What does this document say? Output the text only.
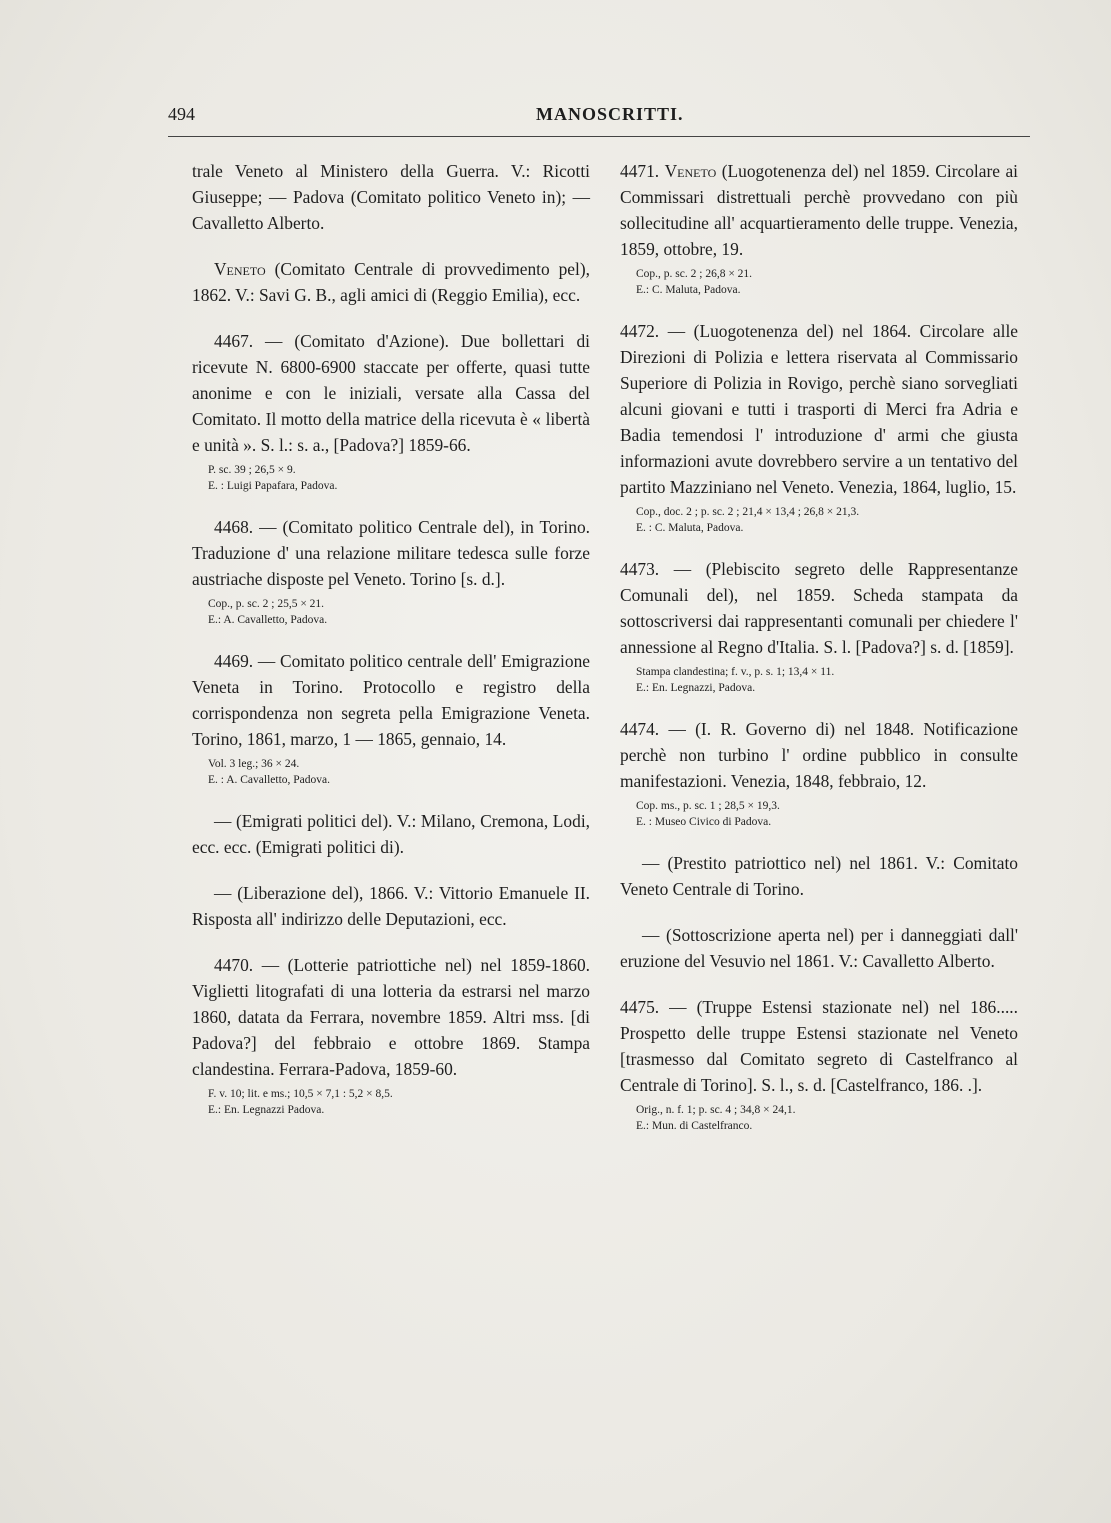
494	MANOSCRITTI.

trale Veneto al Ministero della Guerra. V.: Ricotti Giuseppe; — Padova (Comitato politico Veneto in); — Cavalletto Alberto.

Veneto (Comitato Centrale di provvedimento pel), 1862. V.: Savi G. B., agli amici di (Reggio Emilia), ecc.

4467. — (Comitato d'Azione). Due bollettari di ricevute N. 6800-6900 staccate per offerte, quasi tutte anonime e con le iniziali, versate alla Cassa del Comitato. Il motto della matrice della ricevuta è « libertà e unità ». S. l.: s. a., [Padova?] 1859-66.

P. sc. 39 ; 26,5 × 9.
E. : Luigi Papafara, Padova.

4468. — (Comitato politico Centrale del), in Torino. Traduzione d' una relazione militare tedesca sulle forze austriache disposte pel Veneto. Torino [s. d.].

Cop., p. sc. 2 ; 25,5 × 21.
E.: A. Cavalletto, Padova.

4469. — Comitato politico centrale dell' Emigrazione Veneta in Torino. Protocollo e registro della corrispondenza non segreta pella Emigrazione Veneta. Torino, 1861, marzo, 1 — 1865, gennaio, 14.

Vol. 3 leg.; 36 × 24.
E. : A. Cavalletto, Padova.

— (Emigrati politici del). V.: Milano, Cremona, Lodi, ecc. ecc. (Emigrati politici di).

— (Liberazione del), 1866. V.: Vittorio Emanuele II. Risposta all' indirizzo delle Deputazioni, ecc.

4470. — (Lotterie patriottiche nel) nel 1859-1860. Viglietti litografati di una lotteria da estrarsi nel marzo 1860, datata da Ferrara, novembre 1859. Altri mss. [di Padova?] del febbraio e ottobre 1869. Stampa clandestina. Ferrara-Padova, 1859-60.

F. v. 10; lit. e ms.; 10,5 × 7,1 : 5,2 × 8,5.
E.: En. Legnazzi Padova.

4471. Veneto (Luogotenenza del) nel 1859. Circolare ai Commissari distrettuali perchè provvedano con più sollecitudine all' acquartieramento delle truppe. Venezia, 1859, ottobre, 19.

Cop., p. sc. 2 ; 26,8 × 21.
E.: C. Maluta, Padova.

4472. — (Luogotenenza del) nel 1864. Circolare alle Direzioni di Polizia e lettera riservata al Commissario Superiore di Polizia in Rovigo, perchè siano sorvegliati alcuni giovani e tutti i trasporti di Merci fra Adria e Badia temendosi l' introduzione d' armi che giusta informazioni avute dovrebbero servire a un tentativo del partito Mazziniano nel Veneto. Venezia, 1864, luglio, 15.

Cop., doc. 2 ; p. sc. 2 ; 21,4 × 13,4 ; 26,8 × 21,3.
E. : C. Maluta, Padova.

4473. — (Plebiscito segreto delle Rappresentanze Comunali del), nel 1859. Scheda stampata da sottoscriversi dai rappresentanti comunali per chiedere l' annessione al Regno d'Italia. S. l. [Padova?] s. d. [1859].

Stampa clandestina; f. v., p. s. 1; 13,4 × 11.
E.: En. Legnazzi, Padova.

4474. — (I. R. Governo di) nel 1848. Notificazione perchè non turbino l' ordine pubblico in consulte manifestazioni. Venezia, 1848, febbraio, 12.

Cop. ms., p. sc. 1 ; 28,5 × 19,3.
E. : Museo Civico di Padova.

— (Prestito patriottico nel) nel 1861. V.: Comitato Veneto Centrale di Torino.

— (Sottoscrizione aperta nel) per i danneggiati dall' eruzione del Vesuvio nel 1861. V.: Cavalletto Alberto.

4475. — (Truppe Estensi stazionate nel) nel 186..... Prospetto delle truppe Estensi stazionate nel Veneto [trasmesso dal Comitato segreto di Castelfranco al Centrale di Torino]. S. l., s. d. [Castelfranco, 186. .].

Orig., n. f. 1; p. sc. 4 ; 34,8 × 24,1.
E.: Mun. di Castelfranco.
